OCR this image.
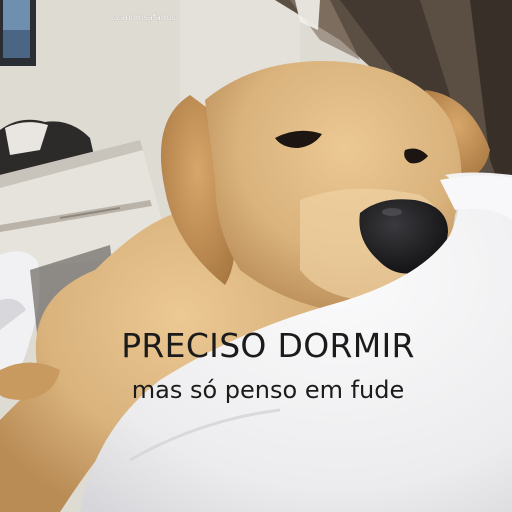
@animisafados
PRECISO DORMIR
mas só penso em fude
